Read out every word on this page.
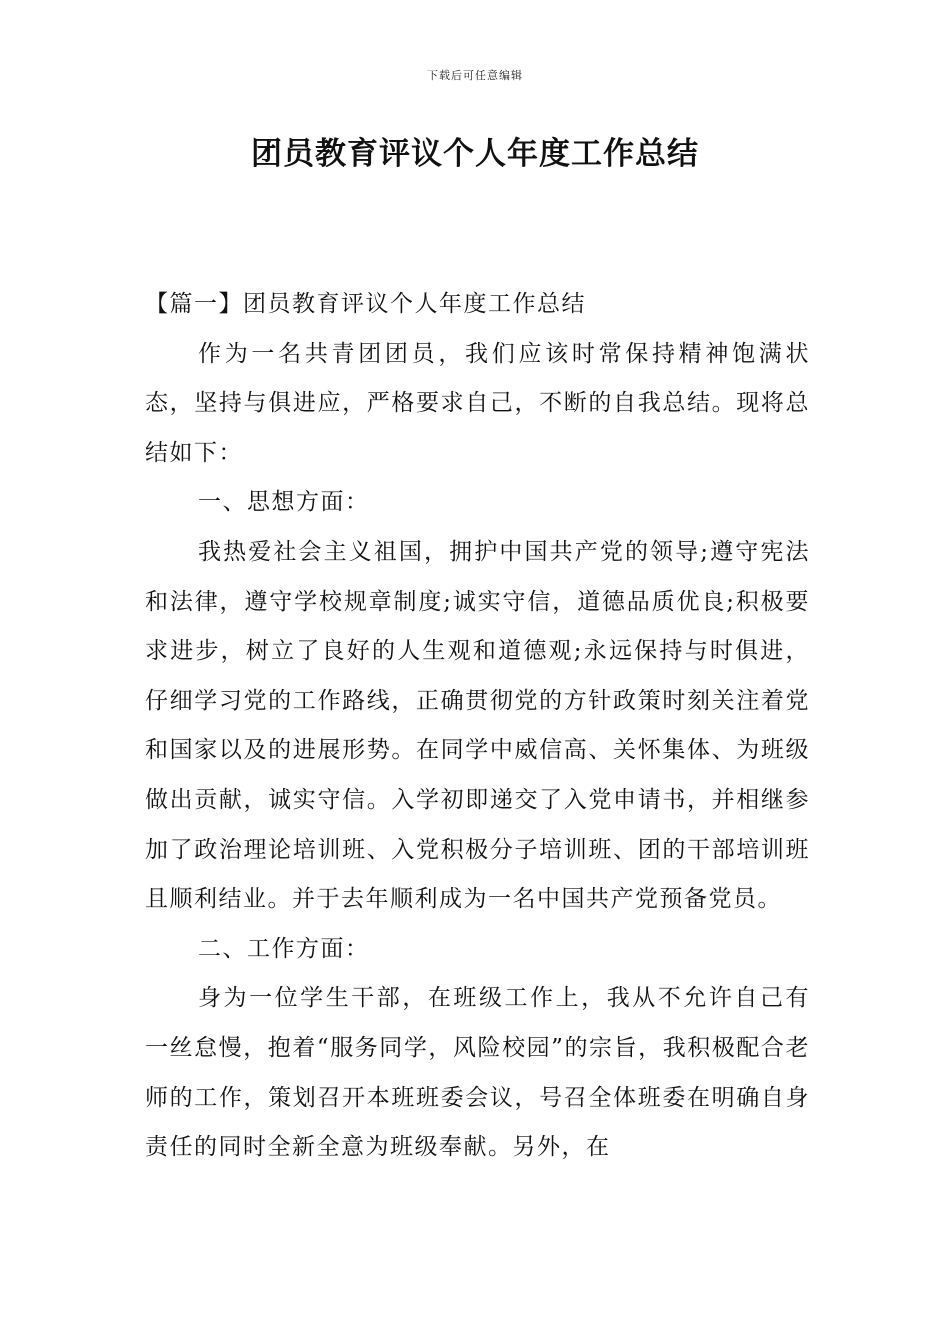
下载后可任意编辑
团员教育评议个人年度工作总结

【篇一】团员教育评议个人年度工作总结

作为一名共青团团员，我们应该时常保持精神饱满状态，坚持与俱进应，严格要求自己，不断的自我总结。现将总结如下：

一、思想方面：

我热爱社会主义祖国，拥护中国共产党的领导;遵守宪法和法律，遵守学校规章制度;诚实守信，道德品质优良;积极要求进步，树立了良好的人生观和道德观;永远保持与时俱进，仔细学习党的工作路线，正确贯彻党的方针政策时刻关注着党和国家以及的进展形势。在同学中威信高、关怀集体、为班级做出贡献，诚实守信。入学初即递交了入党申请书，并相继参加了政治理论培训班、入党积极分子培训班、团的干部培训班且顺利结业。并于去年顺利成为一名中国共产党预备党员。

二、工作方面：

身为一位学生干部，在班级工作上，我从不允许自己有一丝怠慢，抱着“服务同学，风险校园”的宗旨，我积极配合老师的工作，策划召开本班班委会议，号召全体班委在明确自身责任的同时全新全意为班级奉献。另外，在
